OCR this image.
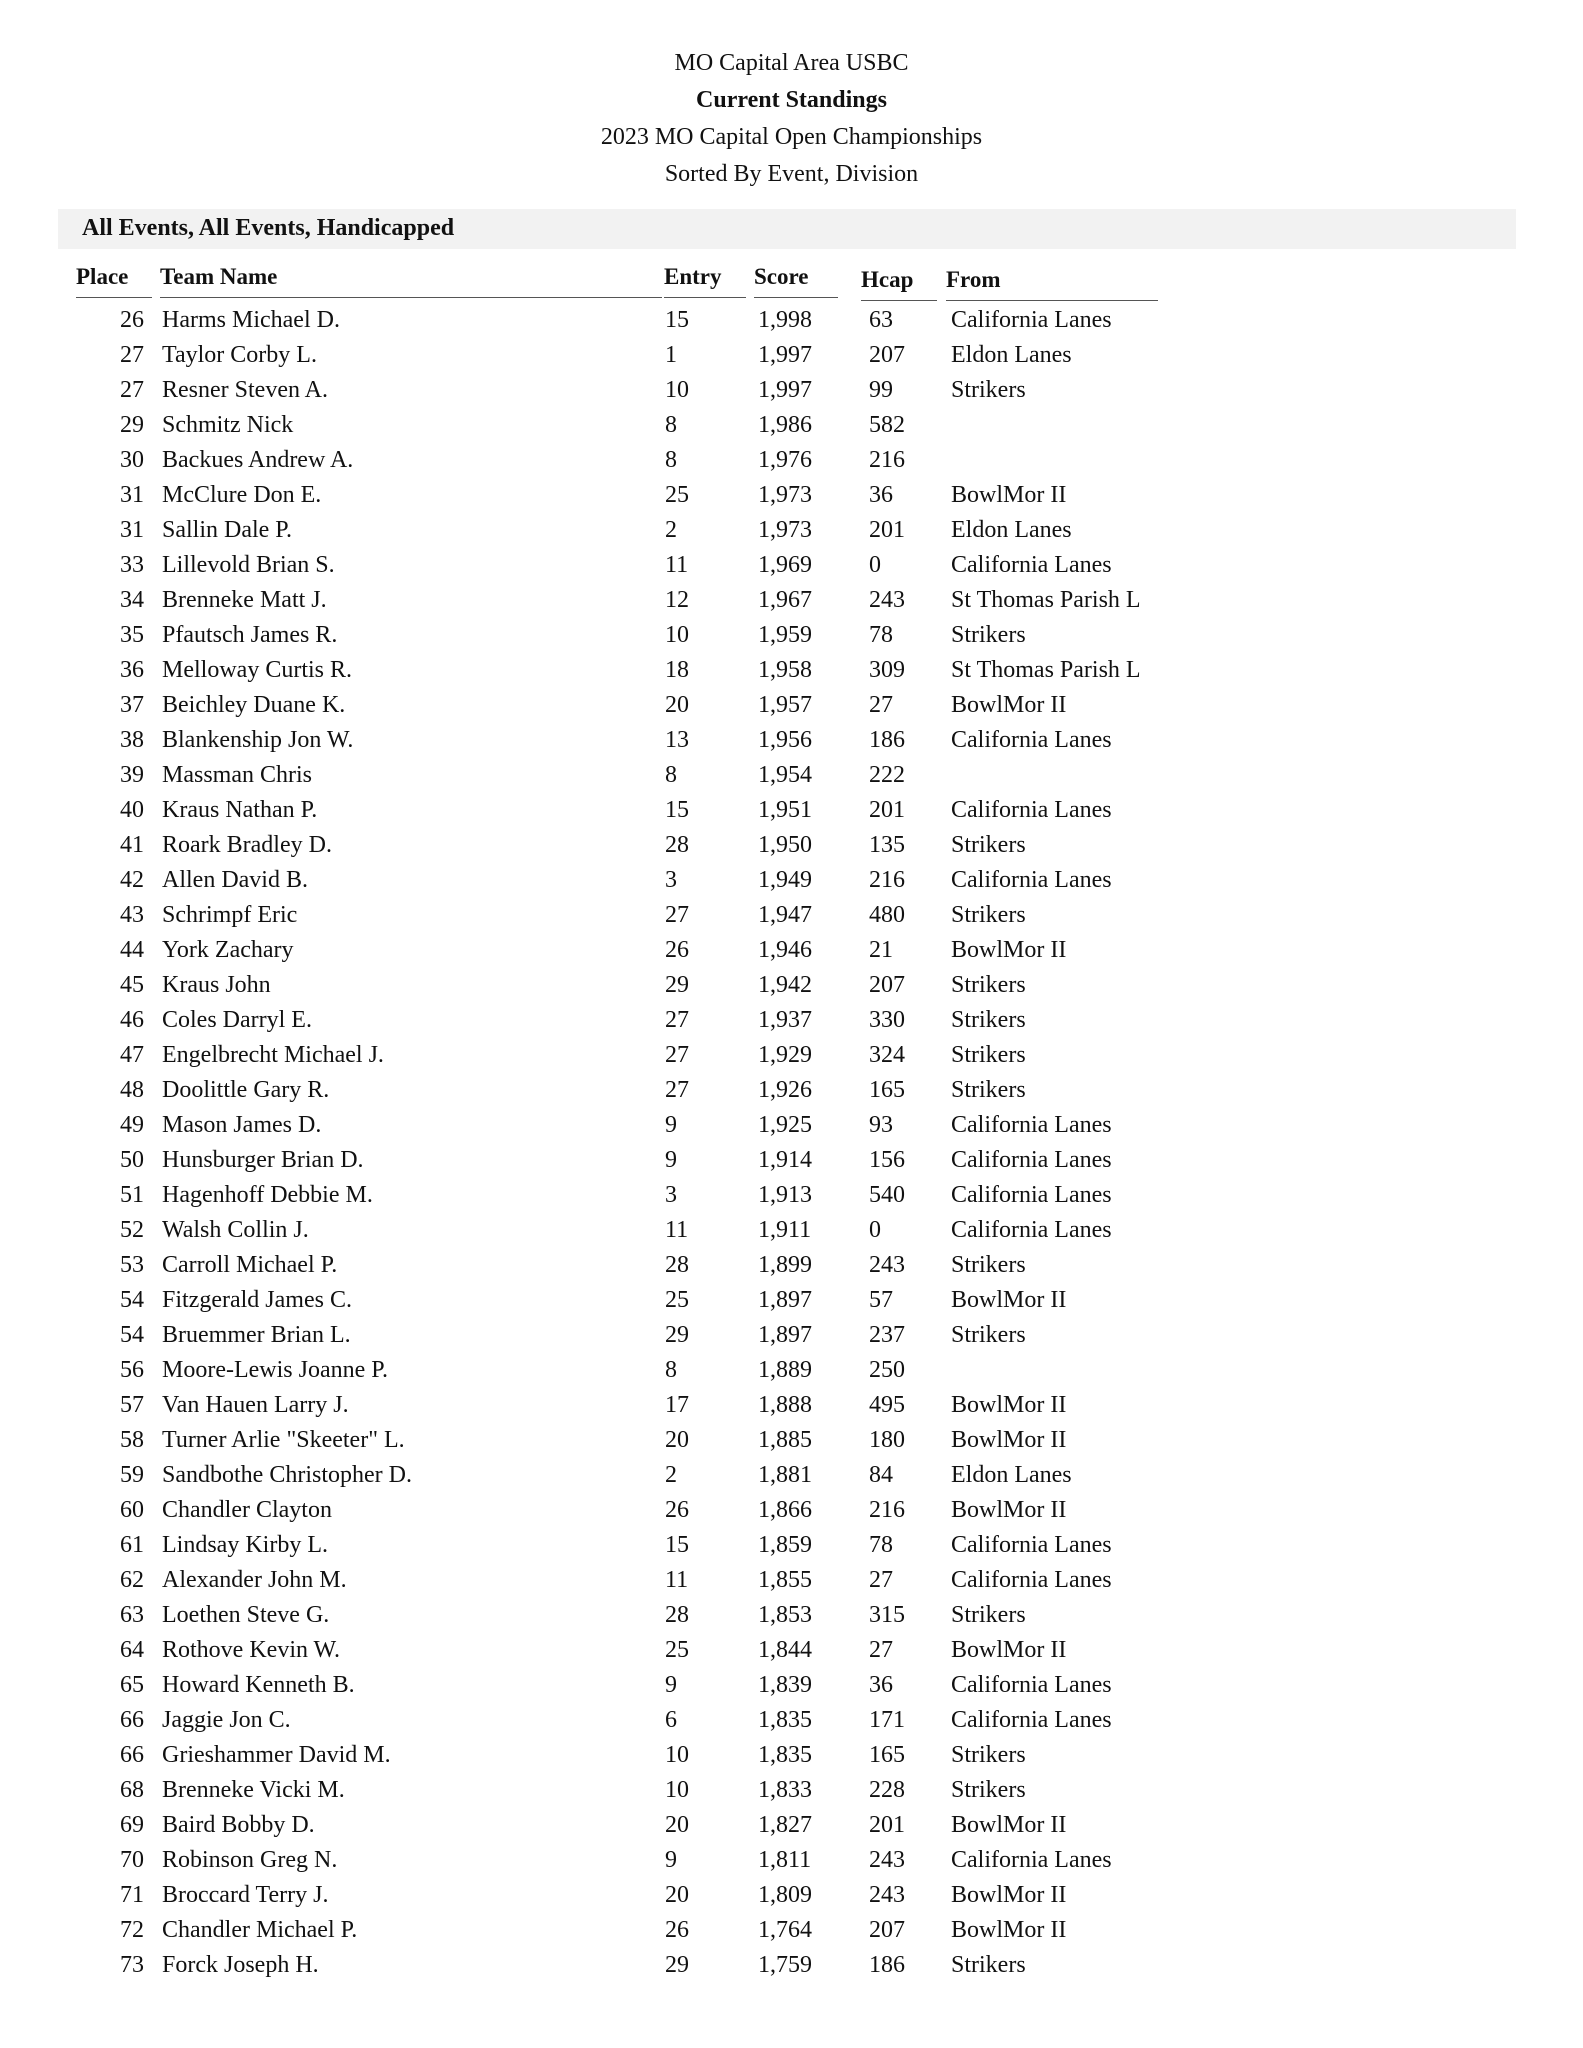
MO Capital Area USBC
Current Standings
2023 MO Capital Open Championships
Sorted By Event, Division
All Events, All Events, Handicapped
Place	Team Name	Entry	Score	Hcap	From
26 Harms Michael D.	15	1,998 63 California Lanes
27 Taylor Corby L.	1	1,997 207 Eldon Lanes
27 Resner Steven A.	10	1,997 99 Strikers
29 Schmitz Nick	8	1,986 582
30 Backues Andrew A.	8	1,976 216
31 McClure Don E.	25	1,973 36 BowlMor II
31 Sallin Dale P.	2	1,973 201 Eldon Lanes
33 Lillevold Brian S.	11	1,969 0	California Lanes
34 Brenneke Matt J.	12	1,967 243 St Thomas Parish L
35 Pfautsch James R.	10	1,959 78 Strikers
36 Melloway Curtis R.	18	1,958 309 St Thomas Parish L
37 Beichley Duane K.	20	1,957 27 BowlMor II
38 Blankenship Jon W.	13	1,956 186 California Lanes
39 Massman Chris	8	1,954 222
40 Kraus Nathan P.	15	1,951 201 California Lanes
41 Roark Bradley D.	28	1,950 135 Strikers
42 Allen David B.	3	1,949 216 California Lanes
43 Schrimpf Eric	27	1,947 480 Strikers
44 York Zachary	26	1,946 21 BowlMor II
45 Kraus John	29	1,942 207 Strikers
46 Coles Darryl E.	27	1,937 330 Strikers
47 Engelbrecht Michael J.	27	1,929 324 Strikers
48 Doolittle Gary R.	27	1,926 165 Strikers
49 Mason James D.	9	1,925 93 California Lanes
50 Hunsburger Brian D.	9	1,914 156 California Lanes
51 Hagenhoff Debbie M.	3	1,913 540 California Lanes
52 Walsh Collin J.	11	1,911 0	California Lanes
53 Carroll Michael P.	28	1,899 243 Strikers
54 Fitzgerald James C.	25	1,897 57 BowlMor II
54 Bruemmer Brian L.	29	1,897 237 Strikers
56 Moore-Lewis Joanne P.	8	1,889 250
57 Van Hauen Larry J.	17	1,888 495 BowlMor II
58 Turner Arlie "Skeeter" L.	20	1,885 180 BowlMor II
59 Sandbothe Christopher D.	2	1,881 84 Eldon Lanes
60 Chandler Clayton	26	1,866 216 BowlMor II
61 Lindsay Kirby L.	15	1,859 78 California Lanes
62 Alexander John M.	11	1,855 27 California Lanes
63 Loethen Steve G.	28	1,853 315 Strikers
64 Rothove Kevin W.	25	1,844 27 BowlMor II
65 Howard Kenneth B.	9	1,839 36 California Lanes
66 Jaggie Jon C.	6	1,835 171 California Lanes
66 Grieshammer David M.	10	1,835 165 Strikers
68 Brenneke Vicki M.	10	1,833 228 Strikers
69 Baird Bobby D.	20	1,827 201 BowlMor II
70 Robinson Greg N.	9	1,811 243 California Lanes
71 Broccard Terry J.	20	1,809 243 BowlMor II
72 Chandler Michael P.	26	1,764 207 BowlMor II
73 Forck Joseph H.	29	1,759 186 Strikers
